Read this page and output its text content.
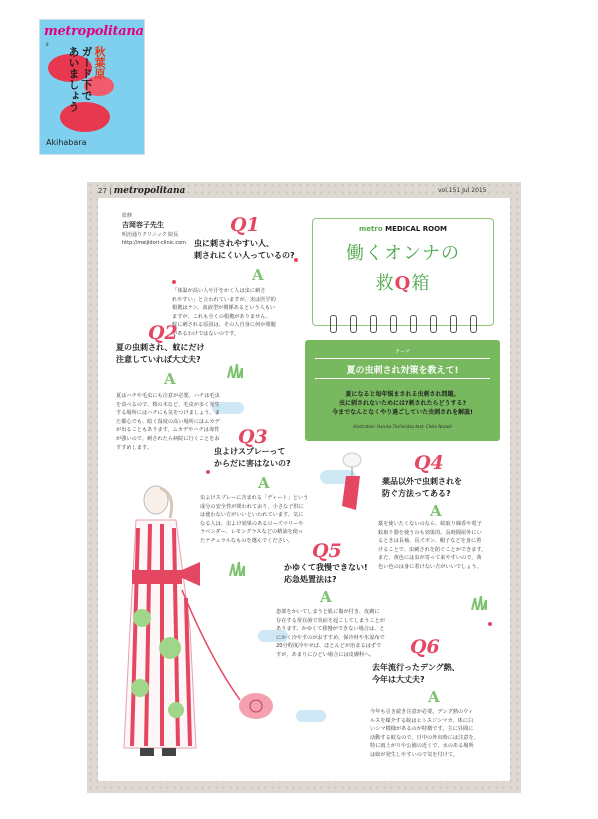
metropolitana
8
秋葉原
ガード下で
あいましょう
Akihabara
27 | metropolitana	vol.151 Jul 2015
監修
吉岡容子先生
明治通りクリニック 院長
http://meijidori-clinic.com
Q1
虫に刺されやすい人、
刺されにくい人っているの?
A
「体温が高い人や汗をかく人は虫に刺さ
れやすい」と言われていますが、実は医学的
根拠はナシ。血液型が関係あるという人もい
ますが、これも全くの根拠がありません。
蚊に刺される原因は、その人自身に何か問題
があるわけではないのです。
Q2
夏の虫刺され、蚊にだけ
注意していれば大丈夫?
A
夏はハチや毛虫にも注意が必要。ハチは毛虫
を食べるので、桜の木など、毛虫が多く発生
する場所にはハチにも気をつけましょう。ま
た都心でも、暗く湿度の高い場所にはムカデ
が出ることもあります。ムカデやハチは毒性
が強いので、刺されたら病院に行くことをお
すすめします。	Q3
虫よけスプレーって
からだに害はないの?
A
虫よけスプレーに含まれる「ディート」という
成分の安全性が問われており、小さな子供に
は使わない方がいいといわれています。気に
なる人は、虫よけ効果のあるローズマリーや
ラベンダー、レモングラスなどの精油を使っ
たナチュラルなものを選んでください。
metro MEDICAL ROOM
働くオンナの
救Q箱
テーマ
夏の虫刺され対策を教えて!
夏になると毎年悩まされる虫刺され問題。
虫に刺されないためには?刺されたらどうする?
今までなんとなくやり過ごしていた虫刺されを解説!
illustration: Haruka Toshimitsu text: Chiko Nozaki
Q4
薬品以外で虫刺されを
防ぐ方法ってある?
A
薬を使いたくないのなら、蚊取り線香や電子
蚊取り器を使うのも効果的。長時間屋外にい
るときは長袖、長ズボン、帽子などを身に着
けることで、虫刺されを防ぐことができます。
また、黄色には虫が寄って来やすいので、黄
色い色のは身に着けない方がいいでしょう。
Q5
かゆくて我慢できない!
応急処置法は?
A
患部をかいてしまうと肌に傷が付き、皮膚に
存在する常在菌で炎症を起こしてしまうことが
あります。かゆくて我慢ができない場合は、と
にかく冷やすのがおすすめ。保冷材や氷湿布で
20分程度冷やせば、ほとんどが治まるはずで
すが、あまりにひどい場合には皮膚科へ。	Q6
去年流行ったデング熱、
今年は大丈夫?
A
今年も引き続き注意が必要。デング熱のウィ
ルスを媒介する蚊はヒトスジシマカ。体に白
いシマ模様があるのが特徴です。主に昼間に
活動する蚊なので、日中の外出時には注意を。
特に雨上がりや公園の近くで、水のある場所
は蚊が発生しやすいので気を付けて。
